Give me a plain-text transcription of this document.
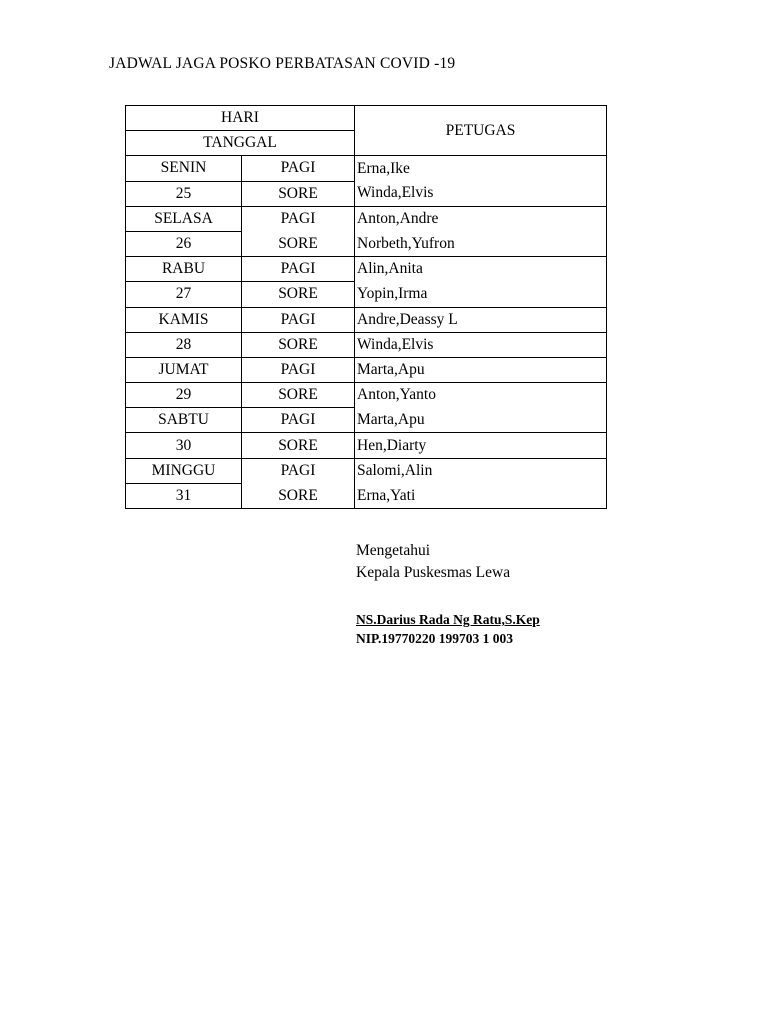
JADWAL JAGA POSKO PERBATASAN COVID -19
HARI		PETUGAS
TANGGAL		
SENIN	PAGI	Erna,Ike
25	SORE	Winda,Elvis
SELASA	PAGI	Anton,Andre
26	SORE	Norbeth,Yufron
RABU	PAGI	Alin,Anita
27	SORE	Yopin,Irma
KAMIS	PAGI	Andre,Deassy L
28	SORE	Winda,Elvis
JUMAT	PAGI	Marta,Apu
29	SORE	Anton,Yanto
SABTU	PAGI	Marta,Apu
30	SORE	Hen,Diarty
MINGGU	PAGI	Salomi,Alin
31	SORE	Erna,Yati
Mengetahui
Kepala Puskesmas Lewa
NS.Darius Rada Ng Ratu,S.Kep
NIP.19770220 199703 1 003
